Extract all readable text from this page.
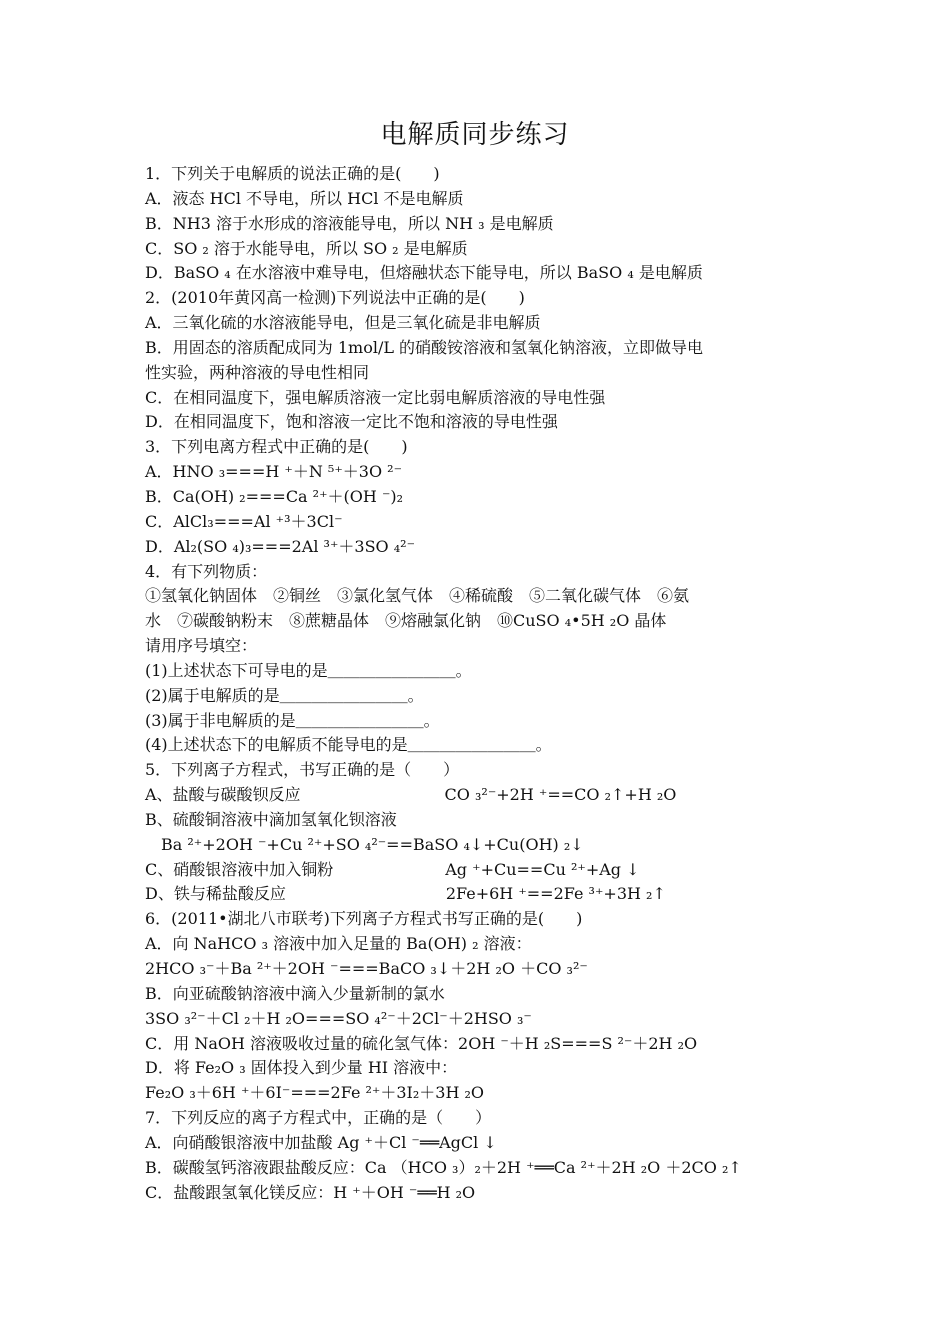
电解质同步练习
1．下列关于电解质的说法正确的是(　　)
A．液态 HCl 不导电，所以 HCl 不是电解质
B．NH3 溶于水形成的溶液能导电，所以 NH ₃ 是电解质
C．SO ₂ 溶于水能导电，所以 SO ₂ 是电解质
D．BaSO ₄ 在水溶液中难导电，但熔融状态下能导电，所以 BaSO ₄ 是电解质
2．(2010年黄冈高一检测)下列说法中正确的是(　　)
A．三氧化硫的水溶液能导电，但是三氧化硫是非电解质
B．用固态的溶质配成同为 1mol/L 的硝酸铵溶液和氢氧化钠溶液，立即做导电
性实验，两种溶液的导电性相同
C．在相同温度下，强电解质溶液一定比弱电解质溶液的导电性强
D．在相同温度下，饱和溶液一定比不饱和溶液的导电性强
3．下列电离方程式中正确的是(　　)
A．HNO ₃===H ⁺＋N ⁵⁺＋3O ²⁻
B．Ca(OH) ₂===Ca ²⁺＋(OH ⁻)₂
C．AlCl₃===Al ⁺³＋3Cl⁻
D．Al₂(SO ₄)₃===2Al ³⁺＋3SO ₄²⁻
4．有下列物质：
①氢氧化钠固体　②铜丝　③氯化氢气体　④稀硫酸　⑤二氧化碳气体　⑥氨
水　⑦碳酸钠粉末　⑧蔗糖晶体　⑨熔融氯化钠　⑩CuSO ₄•5H ₂O 晶体
请用序号填空：
(1)上述状态下可导电的是＿＿＿＿＿＿＿＿。
(2)属于电解质的是＿＿＿＿＿＿＿＿。
(3)属于非电解质的是＿＿＿＿＿＿＿＿。
(4)上述状态下的电解质不能导电的是＿＿＿＿＿＿＿＿。
5．下列离子方程式，书写正确的是（　　）
A、盐酸与碳酸钡反应　　　　　　　　　CO ₃²⁻+2H ⁺==CO ₂↑+H ₂O
B、硫酸铜溶液中滴加氢氧化钡溶液
　Ba ²⁺+2OH ⁻+Cu ²⁺+SO ₄²⁻==BaSO ₄↓+Cu(OH) ₂↓
C、硝酸银溶液中加入铜粉　　　　　　　Ag ⁺+Cu==Cu ²⁺+Ag ↓
D、铁与稀盐酸反应　　　　　　　　　　2Fe+6H ⁺==2Fe ³⁺+3H ₂↑
6．(2011•湖北八市联考)下列离子方程式书写正确的是(　　)
A．向 NaHCO ₃ 溶液中加入足量的 Ba(OH) ₂ 溶液：
2HCO ₃⁻＋Ba ²⁺＋2OH ⁻===BaCO ₃↓＋2H ₂O ＋CO ₃²⁻
B．向亚硫酸钠溶液中滴入少量新制的氯水
3SO ₃²⁻＋Cl ₂＋H ₂O===SO ₄²⁻＋2Cl⁻＋2HSO ₃⁻
C．用 NaOH 溶液吸收过量的硫化氢气体：2OH ⁻＋H ₂S===S ²⁻＋2H ₂O
D．将 Fe₂O ₃ 固体投入到少量 HI 溶液中：
Fe₂O ₃＋6H ⁺＋6I⁻===2Fe ²⁺＋3I₂＋3H ₂O
7．下列反应的离子方程式中，正确的是（　　）
A．向硝酸银溶液中加盐酸 Ag ⁺＋Cl ⁻══AgCl ↓
B．碳酸氢钙溶液跟盐酸反应：Ca （HCO ₃）₂＋2H ⁺══Ca ²⁺＋2H ₂O ＋2CO ₂↑
C．盐酸跟氢氧化镁反应：H ⁺＋OH ⁻══H ₂O
